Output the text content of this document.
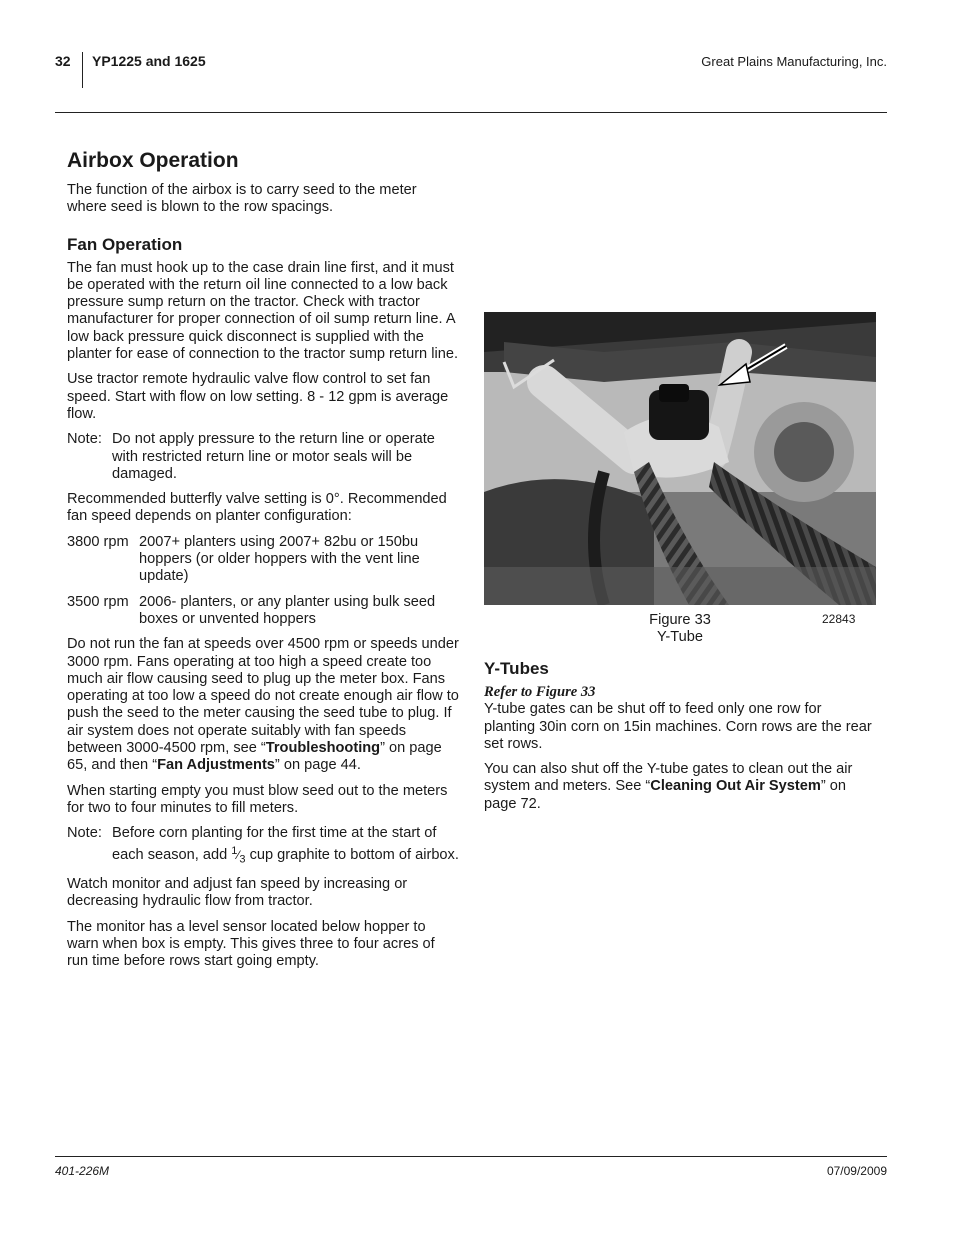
32 YP1225 and 1625	Great Plains Manufacturing, Inc.
Airbox Operation

The function of the airbox is to carry seed to the meter where seed is blown to the row spacings.

Fan Operation

The fan must hook up to the case drain line first, and it must be operated with the return oil line connected to a low back pressure sump return on the tractor. Check with tractor manufacturer for proper connection of oil sump return line. A low back pressure quick disconnect is supplied with the planter for ease of connection to the tractor sump return line.

Use tractor remote hydraulic valve flow control to set fan speed. Start with flow on low setting. 8 - 12 gpm is average flow.

Note: Do not apply pressure to the return line or operate with restricted return line or motor seals will be damaged.

Recommended butterfly valve setting is 0°. Recommended fan speed depends on planter configuration:

3800 rpm 2007+ planters using 2007+ 82bu or 150bu hoppers (or older hoppers with the vent line update)
3500 rpm 2006- planters, or any planter using bulk seed boxes or unvented hoppers

Do not run the fan at speeds over 4500 rpm or speeds under 3000 rpm. Fans operating at too high a speed create too much air flow causing seed to plug up the meter box. Fans operating at too low a speed do not create enough air flow to push the seed to the meter causing the seed tube to plug. If air system does not operate suitably with fan speeds between 3000-4500 rpm, see “Troubleshooting” on page 65, and then “Fan Adjustments” on page 44.

When starting empty you must blow seed out to the meters for two to four minutes to fill meters.

Note: Before corn planting for the first time at the start of each season, add $^1⁄_3$ cup graphite to bottom of airbox.

Watch monitor and adjust fan speed by increasing or decreasing hydraulic flow from tractor.

The monitor has a level sensor located below hopper to warn when box is empty. This gives three to four acres of run time before rows start going empty.

Figure 33
Y-Tube
22843
Y-Tubes

Refer to Figure 33

Y-tube gates can be shut off to feed only one row for planting 30in corn on 15in machines. Corn rows are the rear set rows.

You can also shut off the Y-tube gates to clean out the air system and meters. See “Cleaning Out Air System” on page 72.

401-226M	07/09/2009
